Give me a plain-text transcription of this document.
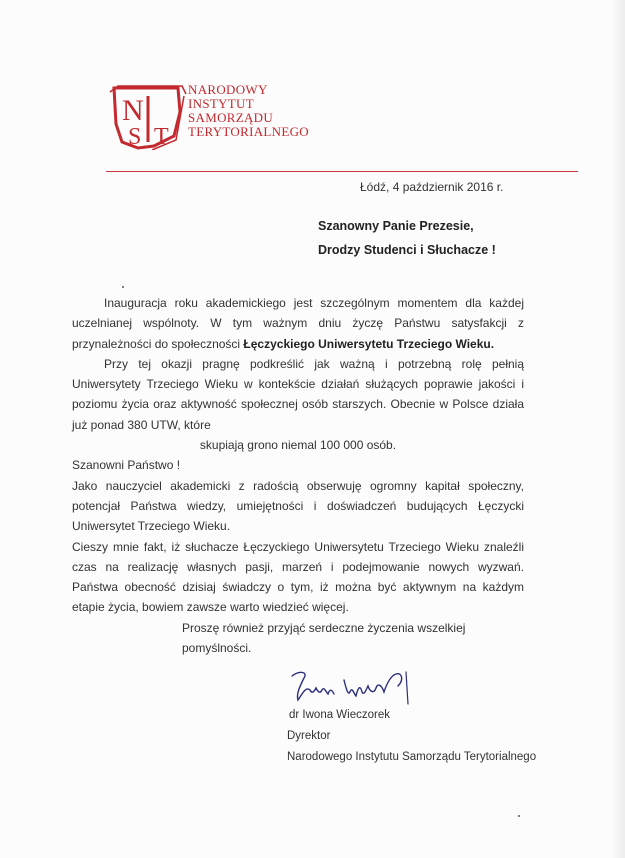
N
S T
NARODOWY
INSTYTUT
SAMORZĄDU
TERYTORIALNEGO
Łódź, 4 październik 2016 r.
Szanowny Panie Prezesie,
Drodzy Studenci i Słuchacze !

Inauguracja roku akademickiego jest szczególnym momentem dla każdej uczelnianej wspólnoty. W tym ważnym dniu życzę Państwu satysfakcji z przynależności do społeczności Łęczyckiego Uniwersytetu Trzeciego Wieku.

Przy tej okazji pragnę podkreślić jak ważną i potrzebną rolę pełnią Uniwersytety Trzeciego Wieku w kontekście działań służących poprawie jakości i poziomu życia oraz aktywność społecznej osób starszych. Obecnie w Polsce działa już ponad 380 UTW, które

skupiają grono niemal 100 000 osób.

Szanowni Państwo !

Jako nauczyciel akademicki z radością obserwuję ogromny kapitał społeczny, potencjał Państwa wiedzy, umiejętności i doświadczeń budujących Łęczycki Uniwersytet Trzeciego Wieku.

Cieszy mnie fakt, iż słuchacze Łęczyckiego Uniwersytetu Trzeciego Wieku znaleźli czas na realizację własnych pasji, marzeń i podejmowanie nowych wyzwań. Państwa obecność dzisiaj świadczy o tym, iż można być aktywnym na każdym etapie życia, bowiem zawsze warto wiedzieć więcej.

Proszę również przyjąć serdeczne życzenia wszelkiej pomyślności.

dr Iwona Wieczorek
Dyrektor
Narodowego Instytutu Samorządu Terytorialnego
